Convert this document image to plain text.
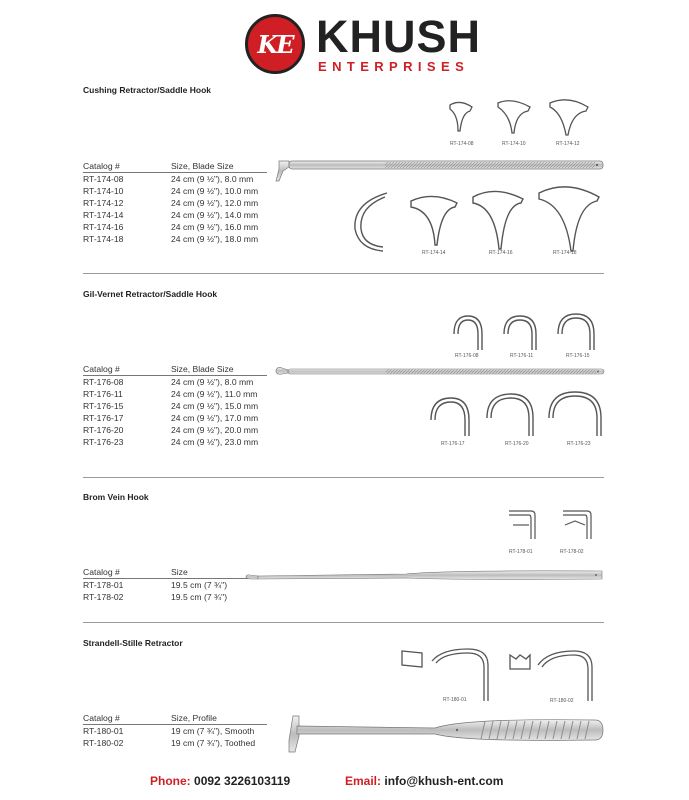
KE KHUSH
ENTERPRISES
Cushing Retractor/Saddle Hook
Catalog #	Size, Blade Size
RT-174-08	24 cm (9 ½"), 8.0 mm
RT-174-10	24 cm (9 ½"), 10.0 mm
RT-174-12	24 cm (9 ½"), 12.0 mm
RT-174-14	24 cm (9 ½"), 14.0 mm
RT-174-16	24 cm (9 ½"), 16.0 mm
RT-174-18	24 cm (9 ½"), 18.0 mm
RT-174-08	RT-174-10	RT-174-12
RT-174-14	RT-174-16	RT-174-18
Gil-Vernet Retractor/Saddle Hook
Catalog #	Size, Blade Size
RT-176-08	24 cm (9 ½"), 8.0 mm
RT-176-11	24 cm (9 ½"), 11.0 mm
RT-176-15	24 cm (9 ½"), 15.0 mm
RT-176-17	24 cm (9 ½"), 17.0 mm
RT-176-20	24 cm (9 ½"), 20.0 mm
RT-176-23	24 cm (9 ½"), 23.0 mm
RT-176-08	RT-176-11	RT-176-15
RT-176-17	RT-176-20	RT-176-23
Brom Vein Hook
Catalog #	Size
RT-178-01	19.5 cm (7 ¾")
RT-178-02	19.5 cm (7 ¾")
RT-178-01	RT-178-02
Strandell-Stille Retractor
Catalog #	Size, Profile
RT-180-01	19 cm (7 ¾"), Smooth
RT-180-02	19 cm (7 ¾"), Toothed
RT-180-01	RT-180-02
Phone: 0092 3226103119	Email: info@khush-ent.com
